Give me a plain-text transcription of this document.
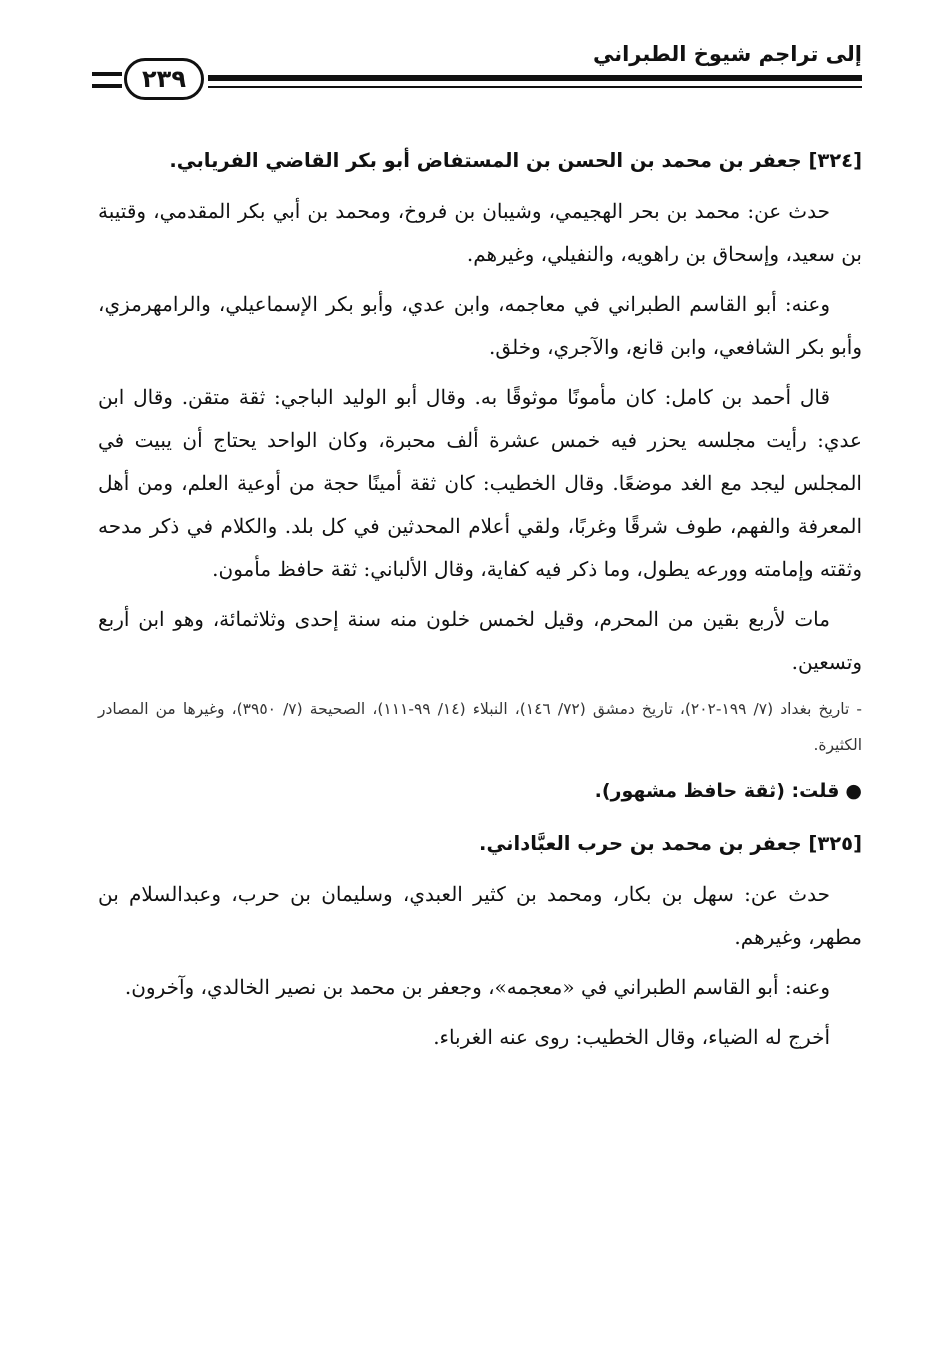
إلى تراجم شيوخ الطبراني
٢٣٩
[٣٢٤] جعفر بن محمد بن الحسن بن المستفاض أبو بكر القاضي الفريابي.

حدث عن: محمد بن بحر الهجيمي، وشيبان بن فروخ، ومحمد بن أبي بكر المقدمي، وقتيبة بن سعيد، وإسحاق بن راهويه، والنفيلي، وغيرهم.

وعنه: أبو القاسم الطبراني في معاجمه، وابن عدي، وأبو بكر الإسماعيلي، والرامهرمزي، وأبو بكر الشافعي، وابن قانع، والآجري، وخلق.

قال أحمد بن كامل: كان مأمونًا موثوقًا به. وقال أبو الوليد الباجي: ثقة متقن. وقال ابن عدي: رأيت مجلسه يحزر فيه خمس عشرة ألف محبرة، وكان الواحد يحتاج أن يبيت في المجلس ليجد مع الغد موضعًا. وقال الخطيب: كان ثقة أمينًا حجة من أوعية العلم، ومن أهل المعرفة والفهم، طوف شرقًا وغربًا، ولقي أعلام المحدثين في كل بلد. والكلام في ذكر مدحه وثقته وإمامته وورعه يطول، وما ذكر فيه كفاية، وقال الألباني: ثقة حافظ مأمون.

مات لأربع بقين من المحرم، وقيل لخمس خلون منه سنة إحدى وثلاثمائة، وهو ابن أربع وتسعين.

- تاريخ بغداد (٧/ ١٩٩-٢٠٢)، تاريخ دمشق (٧٢/ ١٤٦)، النبلاء (١٤/ ٩٩-١١١)، الصحيحة (٧/ ٣٩٥٠)، وغيرها من المصادر الكثيرة.

●قلت: (ثقة حافظ مشهور).
[٣٢٥] جعفر بن محمد بن حرب العبَّاداني.

حدث عن: سهل بن بكار، ومحمد بن كثير العبدي، وسليمان بن حرب، وعبدالسلام بن مطهر، وغيرهم.

وعنه: أبو القاسم الطبراني في «معجمه»، وجعفر بن محمد بن نصير الخالدي، وآخرون.

أخرج له الضياء، وقال الخطيب: روى عنه الغرباء.
